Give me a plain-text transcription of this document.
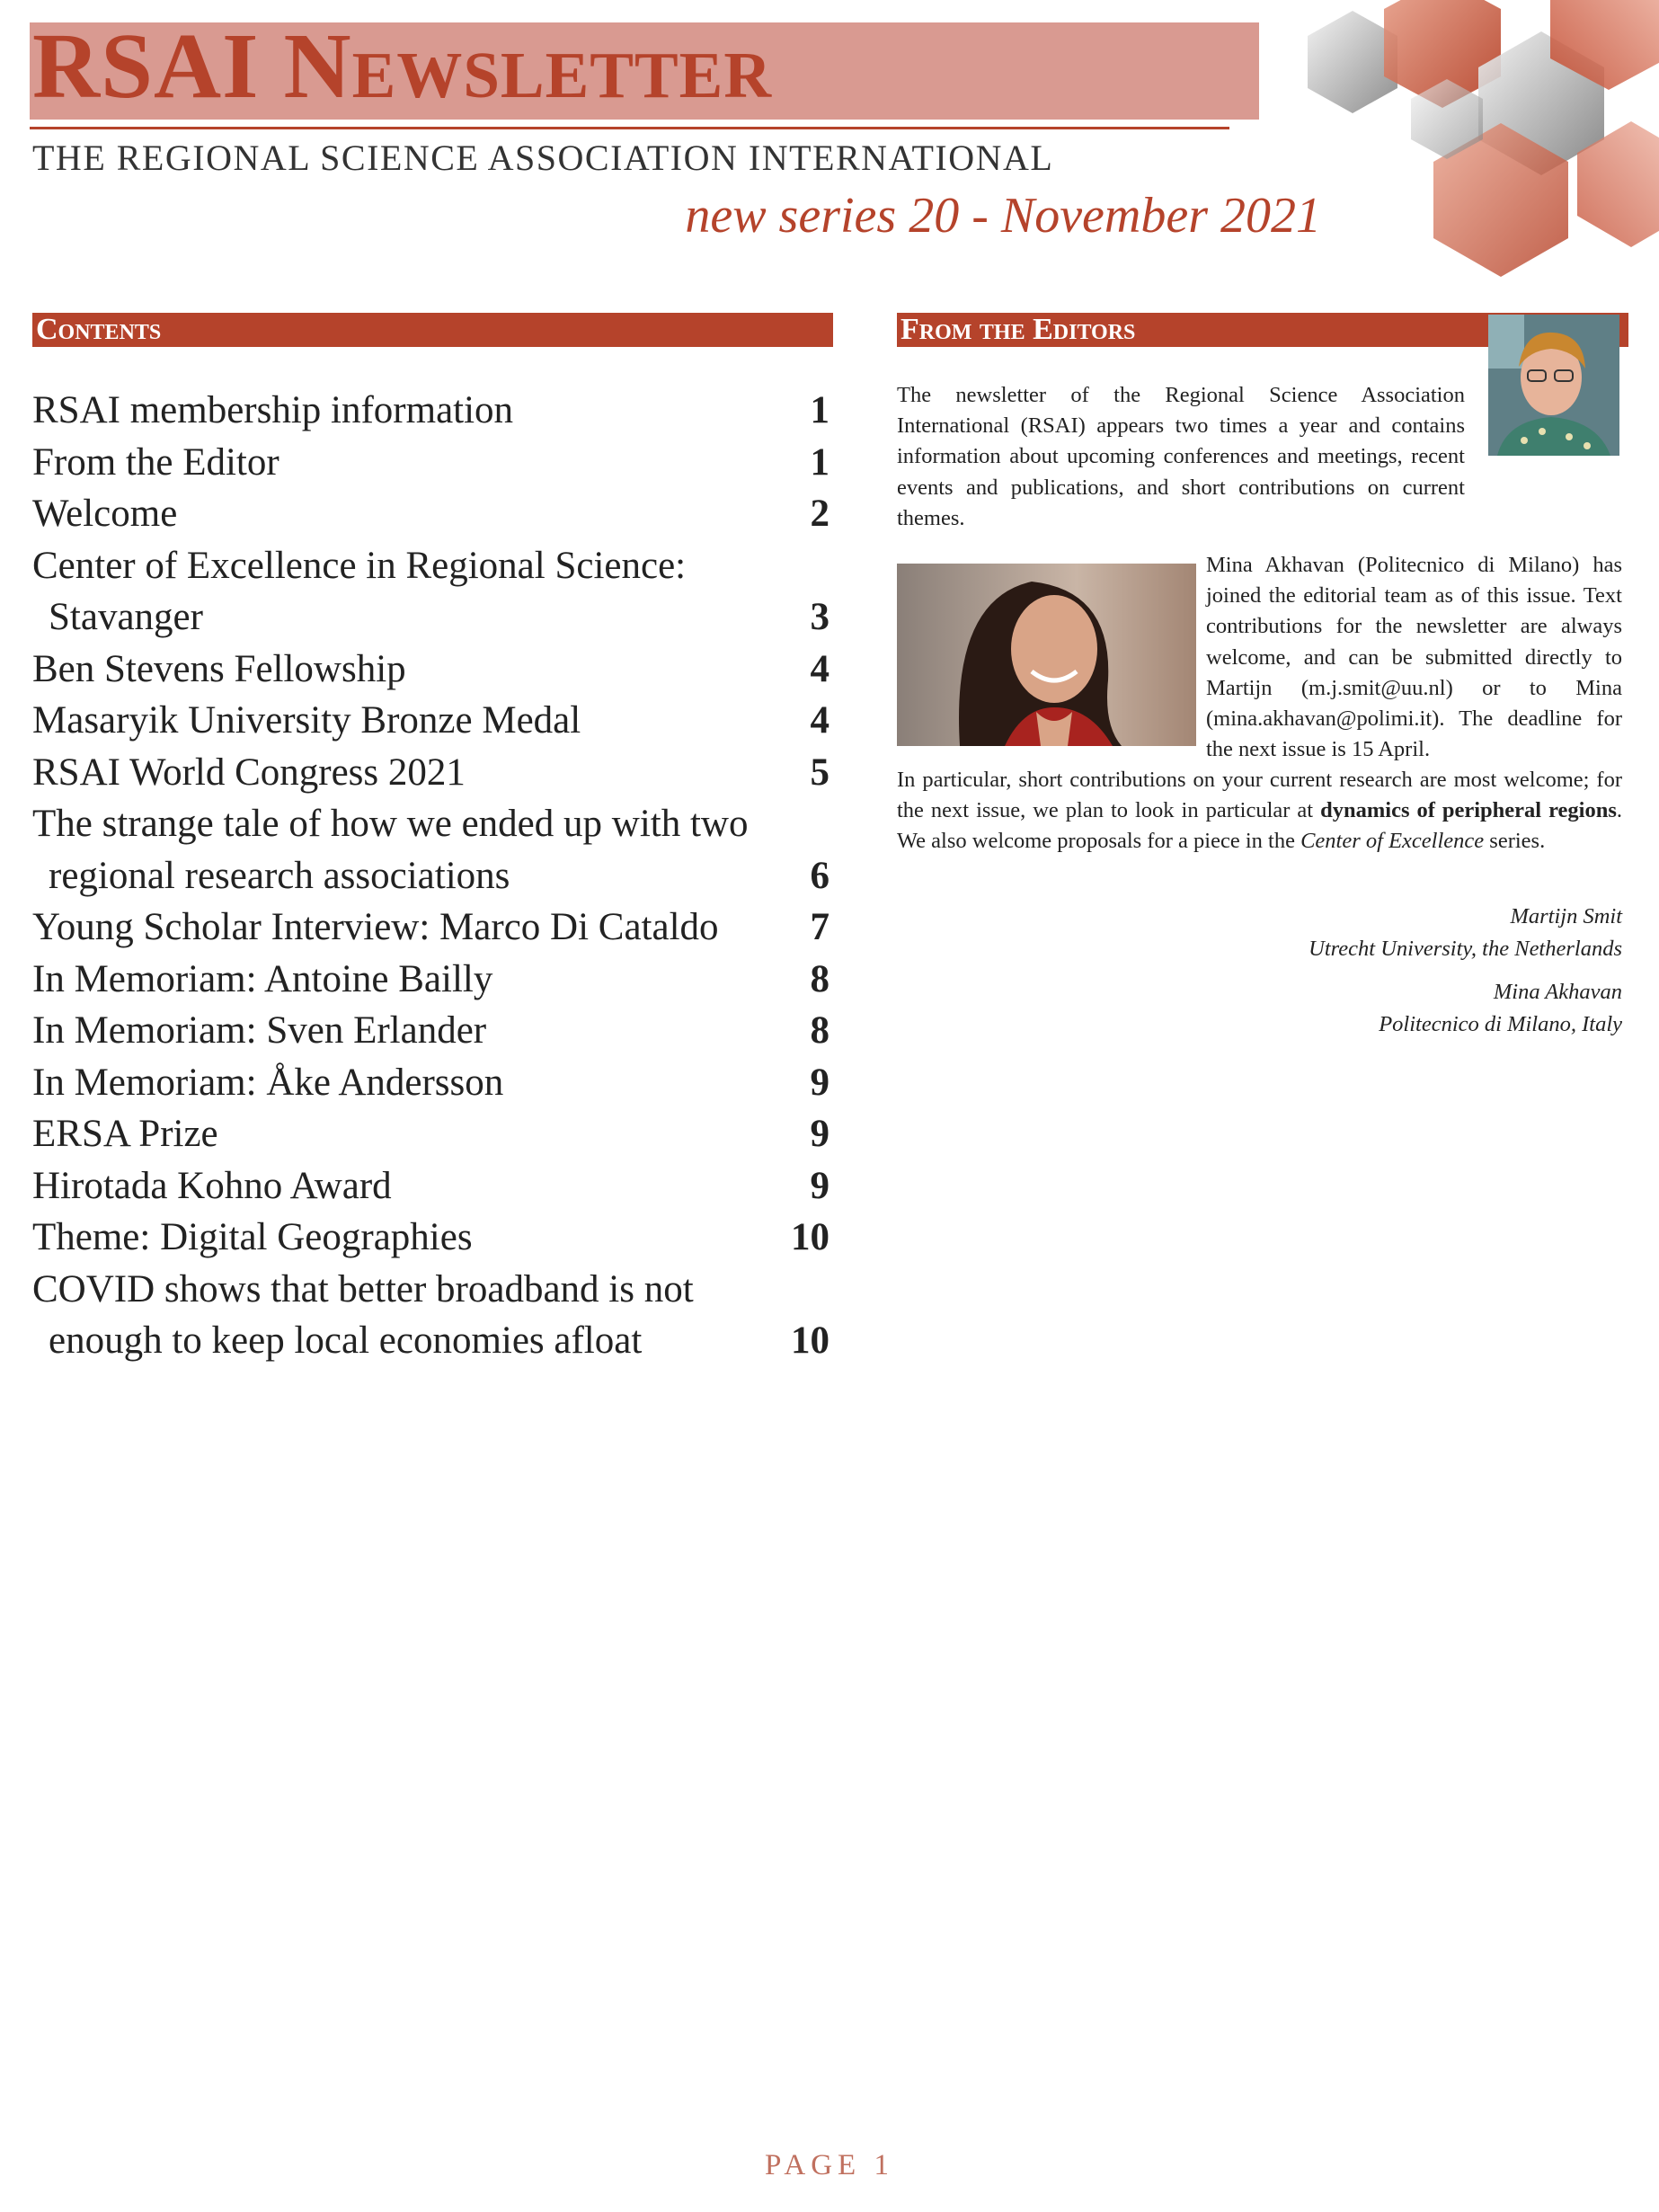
RSAI Newsletter
THE REGIONAL SCIENCE ASSOCIATION INTERNATIONAL
new series 20 - November 2021
Contents
RSAI membership information	1
From the Editor	1
Welcome	2
Center of Excellence in Regional Science:
Stavanger	3
Ben Stevens Fellowship	4
Masaryik University Bronze Medal	4
RSAI World Congress 2021	5
The strange tale of how we ended up with two
regional research associations	6
Young Scholar Interview: Marco Di Cataldo 7
In Memoriam: Antoine Bailly	8
In Memoriam: Sven Erlander	8
In Memoriam: Åke Andersson	9
ERSA Prize	9
Hirotada Kohno Award	9
Theme: Digital Geographies	10
COVID shows that better broadband is not
enough to keep local economies afloat	10
From the Editors

The newsletter of the Regional Science Association International (RSAI) appears two times a year and contains information about upcoming conferences and meetings, recent events and publications, and short contributions on current themes.

Mina Akhavan (Politecnico di Milano) has joined the editorial team as of this issue. Text contributions for the newsletter are always welcome, and can be submitted directly to Martijn (m.j.smit@uu.nl) or to Mina (mina.akhavan@polimi.it). The deadline for the next issue is 15 April.

In particular, short contributions on your current research are most welcome; for the next issue, we plan to look in particular at dynamics of peripheral regions. We also welcome proposals for a piece in the Center of Excellence series.

Martijn Smit
Utrecht University, the Netherlands
Mina Akhavan
Politecnico di Milano, Italy
PAGE 1
